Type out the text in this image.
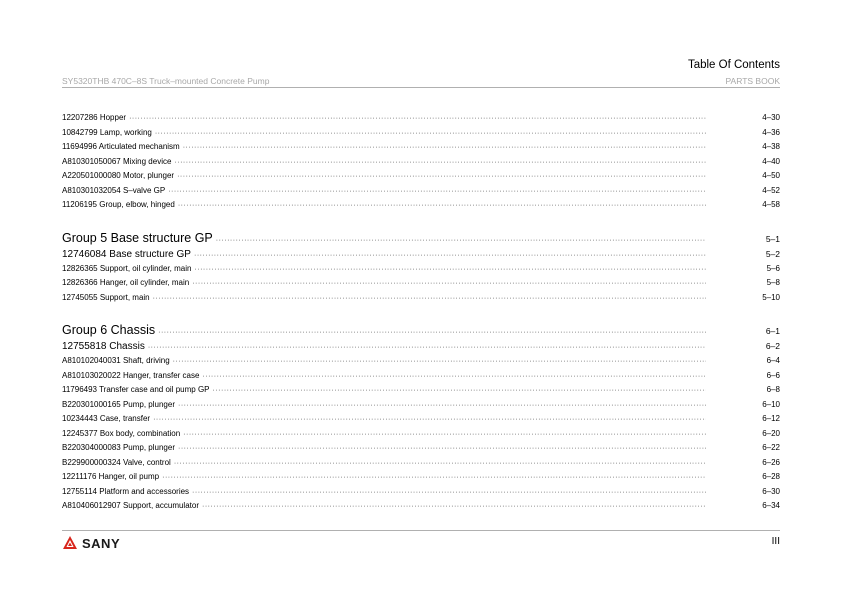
Table Of Contents
SY5320THB 470C–8S Truck–mounted Concrete Pump	PARTS BOOK
12207286 Hopper ·····	4–30
10842799 Lamp, working ·····	4–36
11694996 Articulated mechanism ·····	4–38
A810301050067 Mixing device ·····	4–40
A220501000080 Motor, plunger ·····	4–50
A810301032054 S–valve GP ·····	4–52
11206195 Group, elbow, hinged ·····	4–58
Group 5 Base structure GP ·····	5–1
12746084 Base structure GP ·····	5–2
12826365 Support, oil cylinder, main ·····	5–6
12826366 Hanger, oil cylinder, main ·····	5–8
12745055 Support, main ·····	5–10
Group 6 Chassis ·····	6–1
12755818 Chassis ·····	6–2
A810102040031 Shaft, driving ·····	6–4
A810103020022 Hanger, transfer case ·····	6–6
11796493 Transfer case and oil pump GP ·····	6–8
B220301000165 Pump, plunger ·····	6–10
10234443 Case, transfer ·····	6–12
12245377 Box body, combination ·····	6–20
B220304000083 Pump, plunger ·····	6–22
B229900000324 Valve, control ·····	6–26
12211176 Hanger, oil pump ·····	6–28
12755114 Platform and accessories ·····	6–30
A810406012907 Support, accumulator ·····	6–34
SANY	III
